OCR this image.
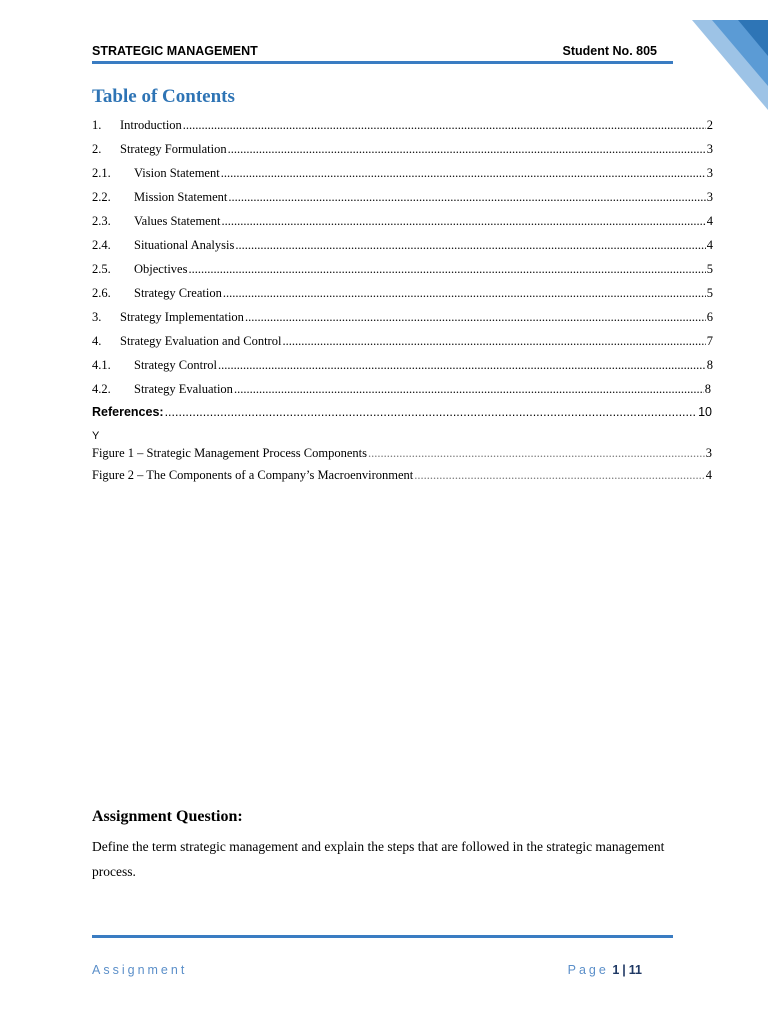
STRATEGIC MANAGEMENT	Student No. 805
Table of Contents
1.	Introduction .....	2
2.	Strategy Formulation .....	3
2.1.	Vision Statement .....	3
2.2.	Mission Statement .....	3
2.3.	Values Statement .....	4
2.4.	Situational Analysis .....	4
2.5.	Objectives .....	5
2.6.	Strategy Creation .....	5
3.	Strategy Implementation .....	6
4.	Strategy Evaluation and Control .....	7
4.1.	Strategy Control .....	8
4.2.	Strategy Evaluation .....	8
References: .....	10
Y
Figure 1 – Strategic Management Process Components .....	3
Figure 2 – The Components of a Company’s Macroenvironment .....	4
Assignment Question:
Define the term strategic management and explain the steps that are followed in the strategic management process.
Assignment	Page 1 | 11
